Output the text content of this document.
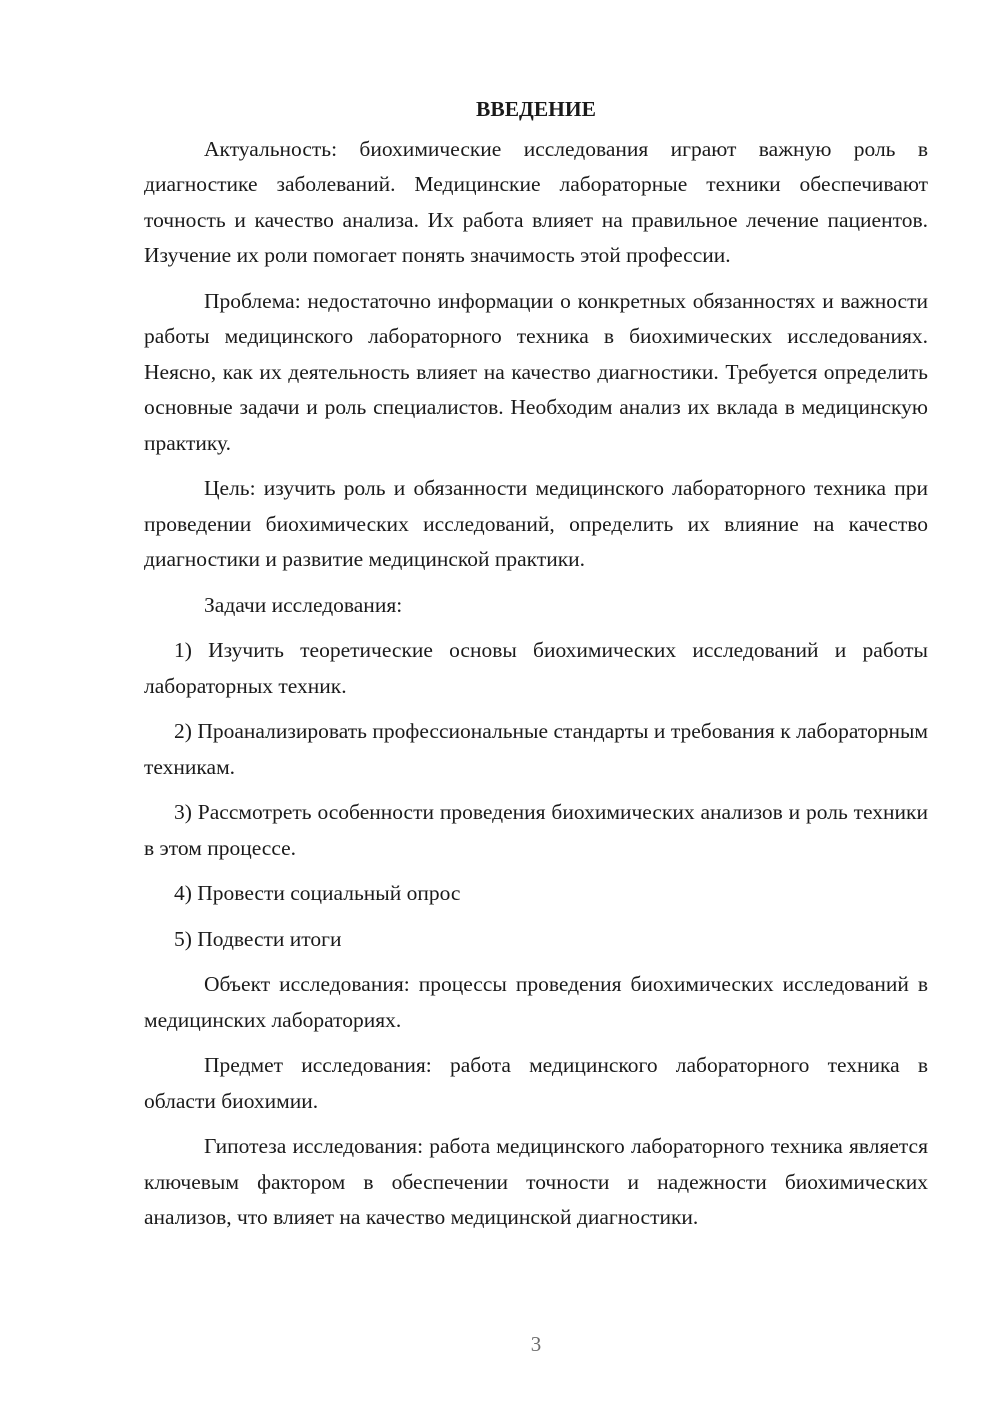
ВВЕДЕНИЕ

Актуальность: биохимические исследования играют важную роль в диагностике заболеваний. Медицинские лабораторные техники обеспечивают точность и качество анализа. Их работа влияет на правильное лечение пациентов. Изучение их роли помогает понять значимость этой профессии.

Проблема: недостаточно информации о конкретных обязанностях и важности работы медицинского лабораторного техника в биохимических исследованиях. Неясно, как их деятельность влияет на качество диагностики. Требуется определить основные задачи и роль специалистов. Необходим анализ их вклада в медицинскую практику.

Цель: изучить роль и обязанности медицинского лабораторного техника при проведении биохимических исследований, определить их влияние на качество диагностики и развитие медицинской практики.

Задачи исследования:

1) Изучить теоретические основы биохимических исследований и работы лабораторных техник.

2) Проанализировать профессиональные стандарты и требования к лабораторным техникам.

3) Рассмотреть особенности проведения биохимических анализов и роль техники в этом процессе.

4) Провести социальный опрос

5) Подвести итоги

Объект исследования: процессы проведения биохимических исследований в медицинских лабораториях.

Предмет исследования: работа медицинского лабораторного техника в области биохимии.

Гипотеза исследования: работа медицинского лабораторного техника является ключевым фактором в обеспечении точности и надежности биохимических анализов, что влияет на качество медицинской диагностики.

3
